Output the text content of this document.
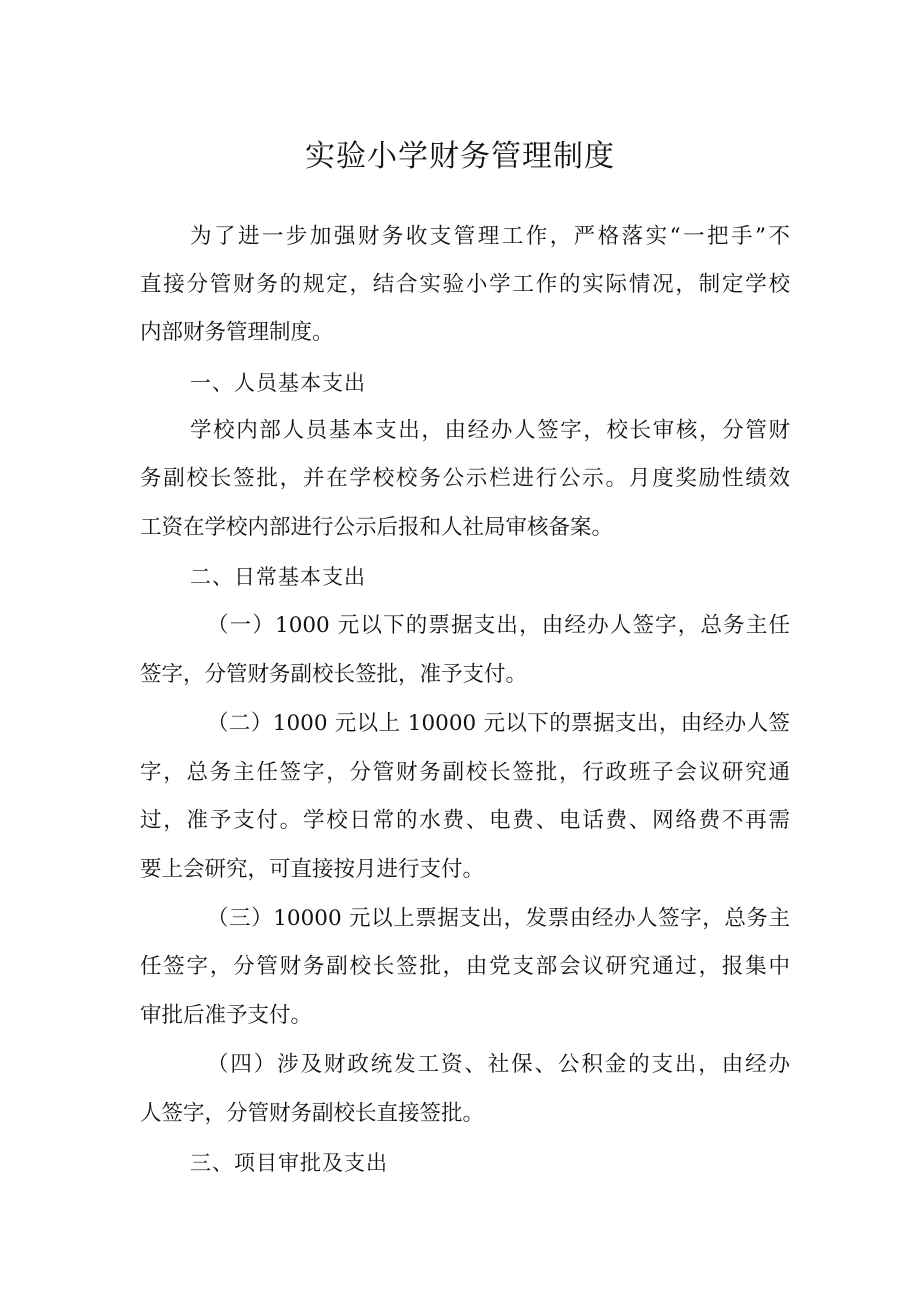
实验小学财务管理制度
为了进一步加强财务收支管理工作，严格落实“一把手”不
直接分管财务的规定，结合实验小学工作的实际情况，制定学校
内部财务管理制度。
一、人员基本支出
学校内部人员基本支出，由经办人签字，校长审核，分管财
务副校长签批，并在学校校务公示栏进行公示。月度奖励性绩效
工资在学校内部进行公示后报和人社局审核备案。
二、日常基本支出
（一）1000 元以下的票据支出，由经办人签字，总务主任
签字，分管财务副校长签批，准予支付。
（二）1000 元以上 10000 元以下的票据支出，由经办人签
字，总务主任签字，分管财务副校长签批，行政班子会议研究通
过，准予支付。学校日常的水费、电费、电话费、网络费不再需
要上会研究，可直接按月进行支付。
（三）10000 元以上票据支出，发票由经办人签字，总务主
任签字，分管财务副校长签批，由党支部会议研究通过，报集中
审批后准予支付。
（四）涉及财政统发工资、社保、公积金的支出，由经办
人签字，分管财务副校长直接签批。
三、项目审批及支出
